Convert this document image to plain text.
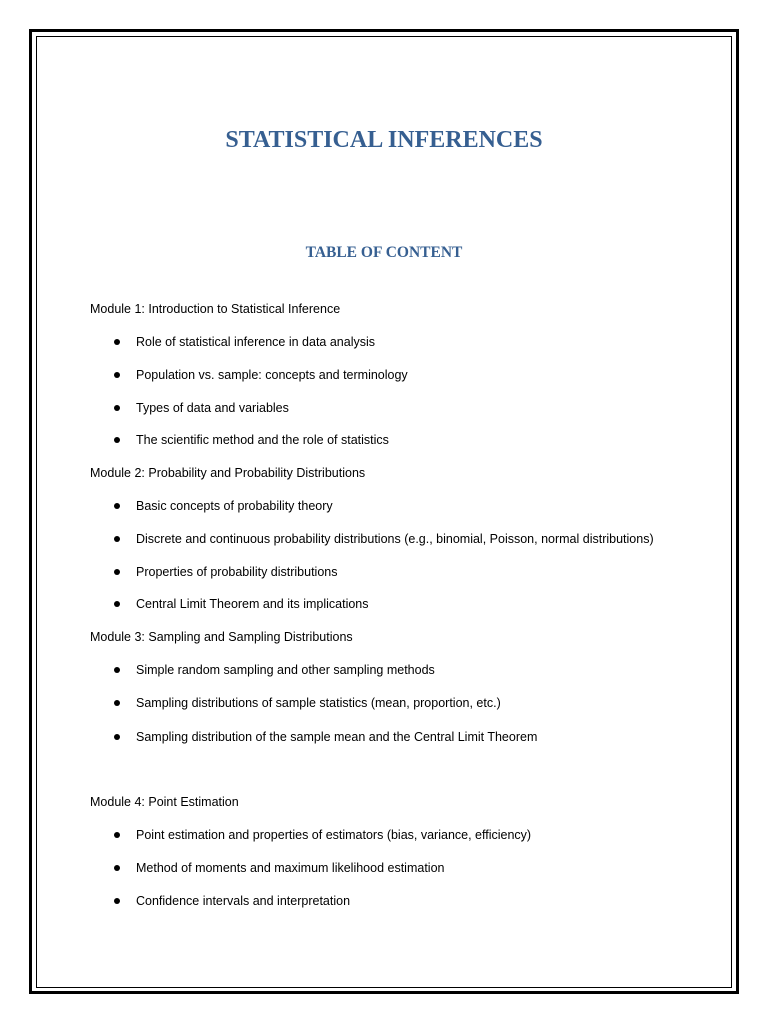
STATISTICAL INFERENCES
TABLE OF CONTENT
Module 1: Introduction to Statistical Inference
Role of statistical inference in data analysis
Population vs. sample: concepts and terminology
Types of data and variables
The scientific method and the role of statistics
Module 2: Probability and Probability Distributions
Basic concepts of probability theory
Discrete and continuous probability distributions (e.g., binomial, Poisson, normal distributions)
Properties of probability distributions
Central Limit Theorem and its implications
Module 3: Sampling and Sampling Distributions
Simple random sampling and other sampling methods
Sampling distributions of sample statistics (mean, proportion, etc.)
Sampling distribution of the sample mean and the Central Limit Theorem
Module 4: Point Estimation
Point estimation and properties of estimators (bias, variance, efficiency)
Method of moments and maximum likelihood estimation
Confidence intervals and interpretation
